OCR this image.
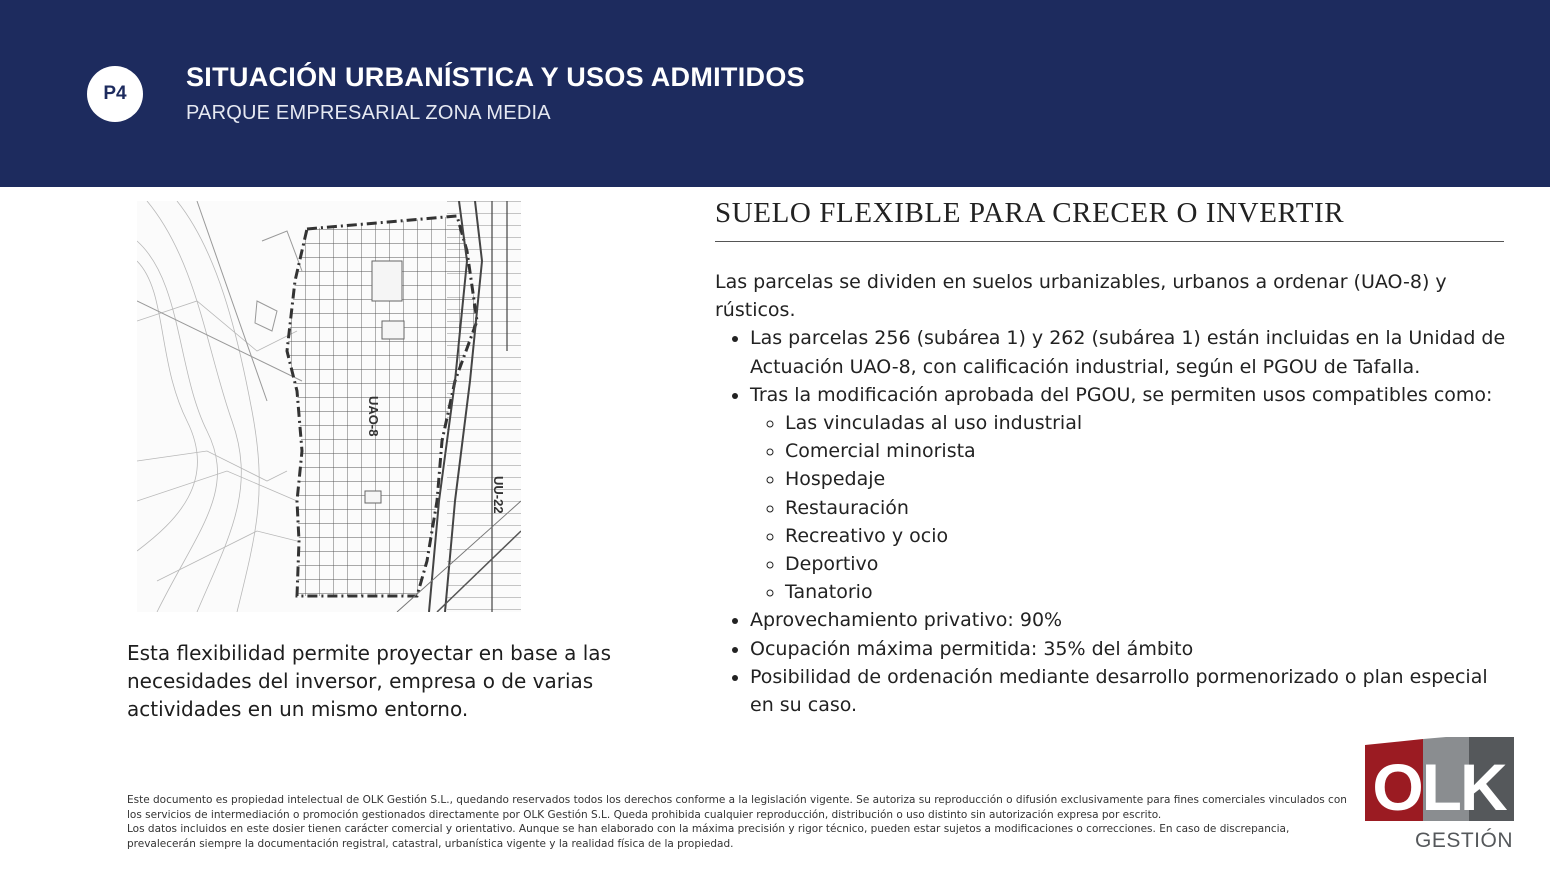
P4
SITUACIÓN URBANÍSTICA Y USOS ADMITIDOS
PARQUE EMPRESARIAL ZONA MEDIA
UAO-8
UU-22
Esta flexibilidad permite proyectar en base a las necesidades del inversor, empresa o de varias actividades en un mismo entorno.
SUELO FLEXIBLE PARA CRECER O INVERTIR

Las parcelas se dividen en suelos urbanizables, urbanos a ordenar (UAO-8) y rústicos.

• Las parcelas 256 (subárea 1) y 262 (subárea 1) están incluidas en la Unidad de Actuación UAO-8, con calificación industrial, según el PGOU de Tafalla.
• Tras la modificación aprobada del PGOU, se permiten usos compatibles como:
◦ Las vinculadas al uso industrial
◦ Comercial minorista
◦ Hospedaje
◦ Restauración
◦ Recreativo y ocio
◦ Deportivo
◦ Tanatorio
• Aprovechamiento privativo: 90%
• Ocupación máxima permitida: 35% del ámbito
• Posibilidad de ordenación mediante desarrollo pormenorizado o plan especial en su caso.

Este documento es propiedad intelectual de OLK Gestión S.L., quedando reservados todos los derechos conforme a la legislación vigente. Se autoriza su reproducción o difusión exclusivamente para fines comerciales vinculados con los servicios de intermediación o promoción gestionados directamente por OLK Gestión S.L. Queda prohibida cualquier reproducción, distribución o uso distinto sin autorización expresa por escrito.

Los datos incluidos en este dosier tienen carácter comercial y orientativo. Aunque se han elaborado con la máxima precisión y rigor técnico, pueden estar sujetos a modificaciones o correcciones. En caso de discrepancia, prevalecerán siempre la documentación registral, catastral, urbanística vigente y la realidad física de la propiedad.

OLK
GESTIÓN
